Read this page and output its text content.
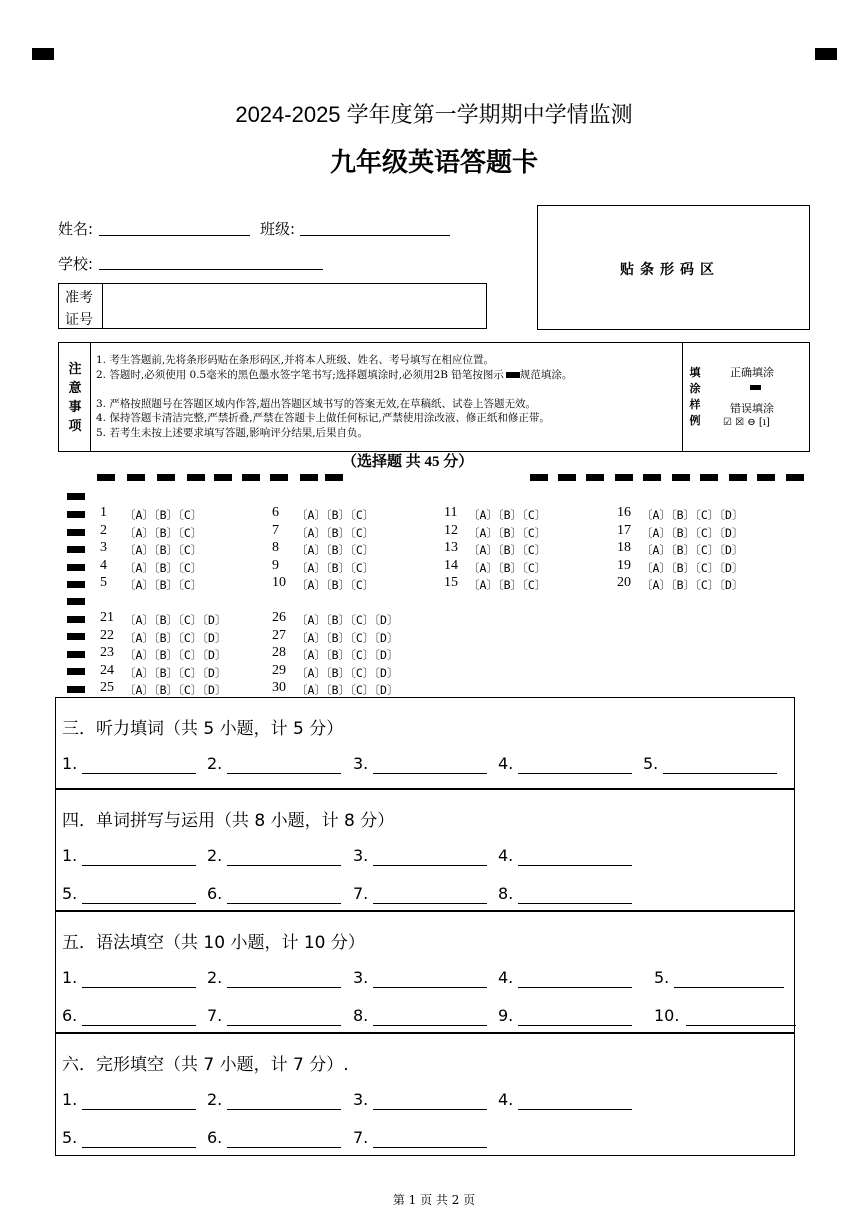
2024-2025 学年度第一学期期中学情监测
九年级英语答题卡
姓名:	班级:
学校:
准考
证号
贴条形码区
注
意
事
项
1. 考生答题前,先将条形码贴在条形码区,并将本人班级、姓名、考号填写在相应位置。
2. 答题时,必须使用 0.5毫米的黑色墨水签字笔书写;选择题填涂时,必须用2B 铅笔按图示 规范填涂。
3. 严格按照题号在答题区域内作答,超出答题区域书写的答案无效,在草稿纸、试卷上答题无效。
4. 保持答题卡清洁完整,严禁折叠,严禁在答题卡上做任何标记,严禁使用涂改液、修正纸和修正带。
5. 若考生未按上述要求填写答题,影响评分结果,后果自负。
填
涂
样
例
正确填涂
错误填涂
☑ ☒ ⊖ [ı]
（选择题 共 45 分）
1 〔A〕〔B〕〔C〕
2 〔A〕〔B〕〔C〕
3 〔A〕〔B〕〔C〕
4 〔A〕〔B〕〔C〕
5 〔A〕〔B〕〔C〕
6 〔A〕〔B〕〔C〕
7 〔A〕〔B〕〔C〕
8 〔A〕〔B〕〔C〕
9 〔A〕〔B〕〔C〕
10 〔A〕〔B〕〔C〕
11 〔A〕〔B〕〔C〕
12 〔A〕〔B〕〔C〕
13 〔A〕〔B〕〔C〕
14 〔A〕〔B〕〔C〕
15 〔A〕〔B〕〔C〕
16 〔A〕〔B〕〔C〕〔D〕
17 〔A〕〔B〕〔C〕〔D〕
18 〔A〕〔B〕〔C〕〔D〕
19 〔A〕〔B〕〔C〕〔D〕
20 〔A〕〔B〕〔C〕〔D〕
21 〔A〕〔B〕〔C〕〔D〕
22 〔A〕〔B〕〔C〕〔D〕
23 〔A〕〔B〕〔C〕〔D〕
24 〔A〕〔B〕〔C〕〔D〕
25 〔A〕〔B〕〔C〕〔D〕
26 〔A〕〔B〕〔C〕〔D〕
27 〔A〕〔B〕〔C〕〔D〕
28 〔A〕〔B〕〔C〕〔D〕
29 〔A〕〔B〕〔C〕〔D〕
30 〔A〕〔B〕〔C〕〔D〕
三．听力填词（共 5 小题，计 5 分）
1.	2.	3.	4.	5.
四．单词拼写与运用（共 8 小题，计 8 分）
1.	2.	3.	4.
5.	6.	7.	8.
五．语法填空（共 10 小题，计 10 分）
1.	2.	3.	4.	5.
6.	7.	8.	9.	10.
六．完形填空（共 7 小题，计 7 分）.
1.	2.	3.	4.
5.	6.	7.
第 1 页 共 2 页
